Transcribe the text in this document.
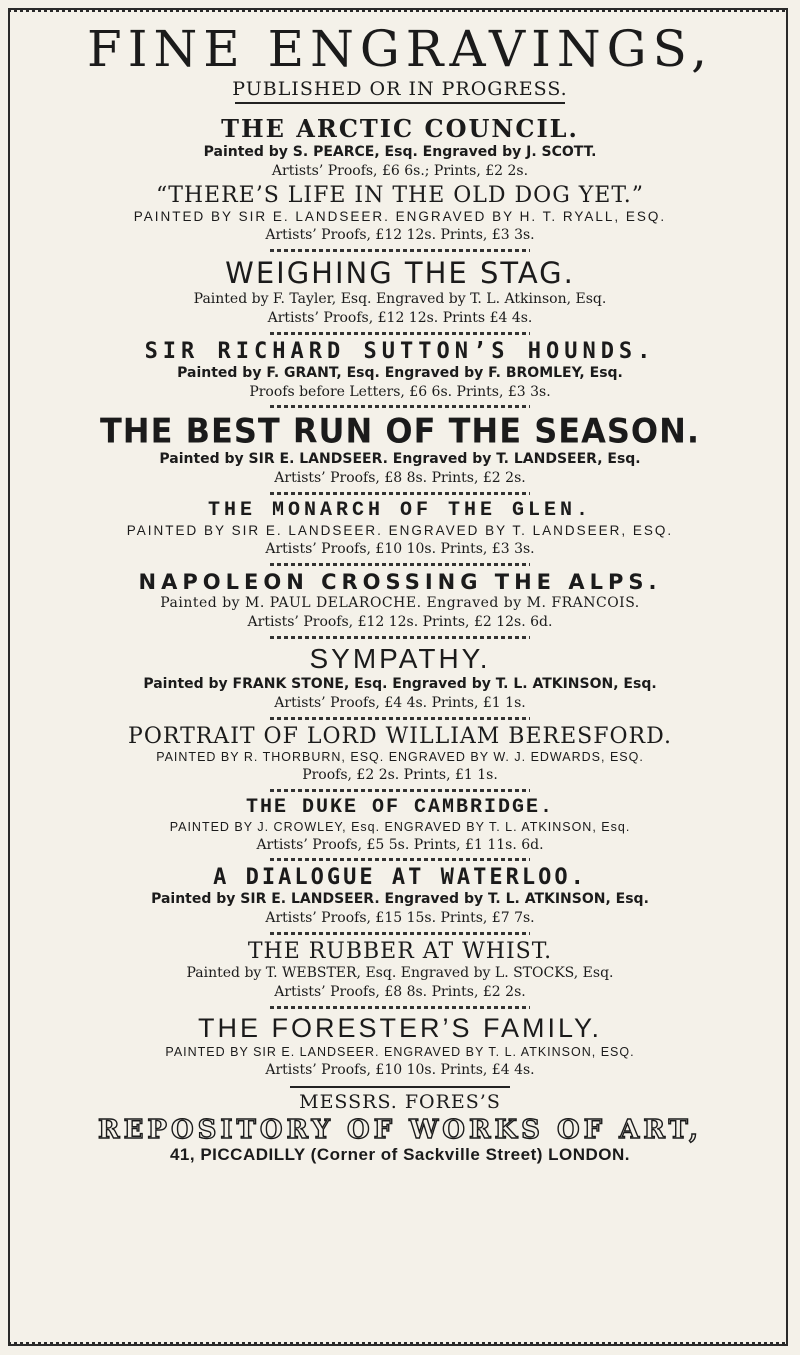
FINE ENGRAVINGS,

PUBLISHED OR IN PROGRESS.

THE ARCTIC COUNCIL.

Painted by S. PEARCE, Esq. Engraved by J. SCOTT.

Artists’ Proofs, £6 6s.; Prints, £2 2s.

“THERE’S LIFE IN THE OLD DOG YET.”

PAINTED BY SIR E. LANDSEER. ENGRAVED BY H. T. RYALL, ESQ.

Artists’ Proofs, £12 12s. Prints, £3 3s.

WEIGHING THE STAG.

Painted by F. Tayler, Esq. Engraved by T. L. Atkinson, Esq.

Artists’ Proofs, £12 12s. Prints £4 4s.

SIR RICHARD SUTTON’S HOUNDS.

Painted by F. GRANT, Esq. Engraved by F. BROMLEY, Esq.

Proofs before Letters, £6 6s. Prints, £3 3s.

THE BEST RUN OF THE SEASON.

Painted by SIR E. LANDSEER. Engraved by T. LANDSEER, Esq.

Artists’ Proofs, £8 8s. Prints, £2 2s.

THE MONARCH OF THE GLEN.

PAINTED BY SIR E. LANDSEER. ENGRAVED BY T. LANDSEER, ESQ.

Artists’ Proofs, £10 10s. Prints, £3 3s.

NAPOLEON CROSSING THE ALPS.

Painted by M. PAUL DELAROCHE. Engraved by M. FRANCOIS.

Artists’ Proofs, £12 12s. Prints, £2 12s. 6d.

SYMPATHY.

Painted by FRANK STONE, Esq. Engraved by T. L. ATKINSON, Esq.

Artists’ Proofs, £4 4s. Prints, £1 1s.

PORTRAIT OF LORD WILLIAM BERESFORD.

PAINTED BY R. THORBURN, ESQ. ENGRAVED BY W. J. EDWARDS, ESQ.

Proofs, £2 2s. Prints, £1 1s.

THE DUKE OF CAMBRIDGE.

PAINTED BY J. CROWLEY, Esq. ENGRAVED BY T. L. ATKINSON, Esq.

Artists’ Proofs, £5 5s. Prints, £1 11s. 6d.

A DIALOGUE AT WATERLOO.

Painted by SIR E. LANDSEER. Engraved by T. L. ATKINSON, Esq.

Artists’ Proofs, £15 15s. Prints, £7 7s.

THE RUBBER AT WHIST.

Painted by T. WEBSTER, Esq. Engraved by L. STOCKS, Esq.

Artists’ Proofs, £8 8s. Prints, £2 2s.

THE FORESTER’S FAMILY.

PAINTED BY SIR E. LANDSEER. ENGRAVED BY T. L. ATKINSON, ESQ.

Artists’ Proofs, £10 10s. Prints, £4 4s.

MESSRS. FORES’S

REPOSITORY OF WORKS OF ART,

41, PICCADILLY (Corner of Sackville Street) LONDON.
